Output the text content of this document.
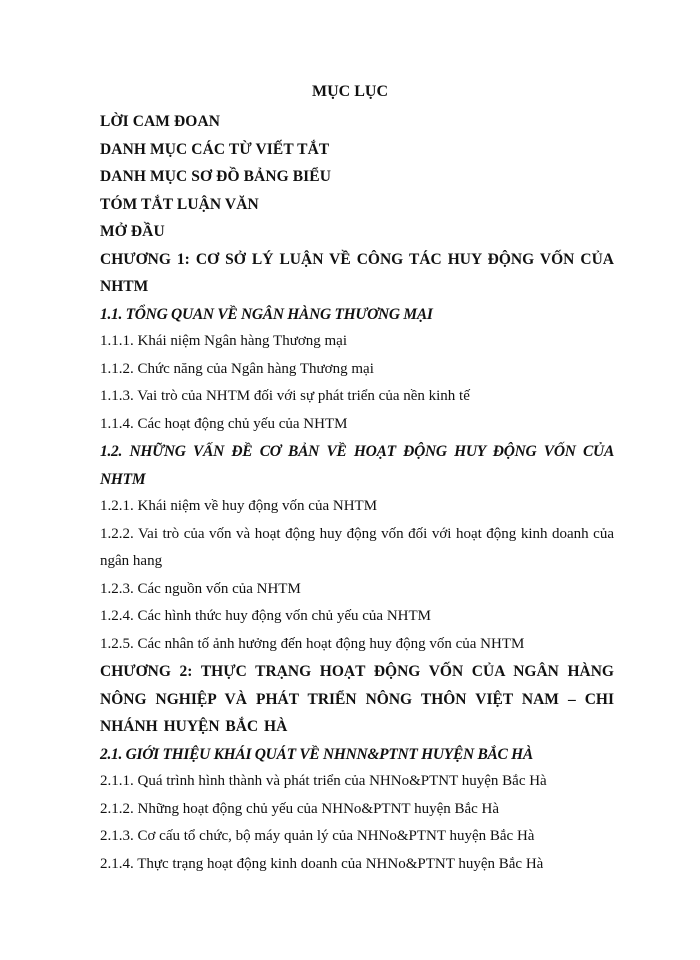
MỤC LỤC
LỜI CAM ĐOAN
DANH MỤC CÁC TỪ VIẾT TẮT
DANH MỤC SƠ ĐỒ BẢNG BIỂU
TÓM TẮT LUẬN VĂN
MỞ ĐẦU
CHƯƠNG 1: CƠ SỞ LÝ LUẬN VỀ CÔNG TÁC HUY ĐỘNG VỐN CỦA NHTM
1.1. TỔNG QUAN VỀ NGÂN HÀNG THƯƠNG MẠI
1.1.1. Khái niệm Ngân hàng Thương mại
1.1.2. Chức năng của Ngân hàng Thương mại
1.1.3. Vai trò của NHTM đối với sự phát triển của nền kinh tế
1.1.4. Các hoạt động chủ yếu của NHTM
1.2. NHỮNG VẤN ĐỀ CƠ BẢN VỀ HOẠT ĐỘNG HUY ĐỘNG VỐN CỦA NHTM
1.2.1. Khái niệm về huy động vốn của NHTM
1.2.2. Vai trò của vốn và hoạt động huy động vốn đối với hoạt động kinh doanh của ngân hang
1.2.3. Các nguồn vốn của NHTM
1.2.4. Các hình thức huy động vốn chủ yếu của NHTM
1.2.5. Các nhân tố ảnh hưởng đến hoạt động huy động vốn của NHTM
CHƯƠNG 2: THỰC TRẠNG HOẠT ĐỘNG VỐN CỦA NGÂN HÀNG NÔNG NGHIỆP VÀ PHÁT TRIỂN NÔNG THÔN VIỆT NAM – CHI NHÁNH HUYỆN BẮC HÀ
2.1. GIỚI THIỆU KHÁI QUÁT VỀ NHNN&PTNT HUYỆN BẮC HÀ
2.1.1. Quá trình hình thành và phát triển của NHNo&PTNT huyện Bắc Hà
2.1.2. Những hoạt động chủ yếu của NHNo&PTNT huyện Bắc Hà
2.1.3. Cơ cấu tổ chức, bộ máy quản lý của NHNo&PTNT huyện Bắc Hà
2.1.4. Thực trạng hoạt động kinh doanh của NHNo&PTNT huyện Bắc Hà
